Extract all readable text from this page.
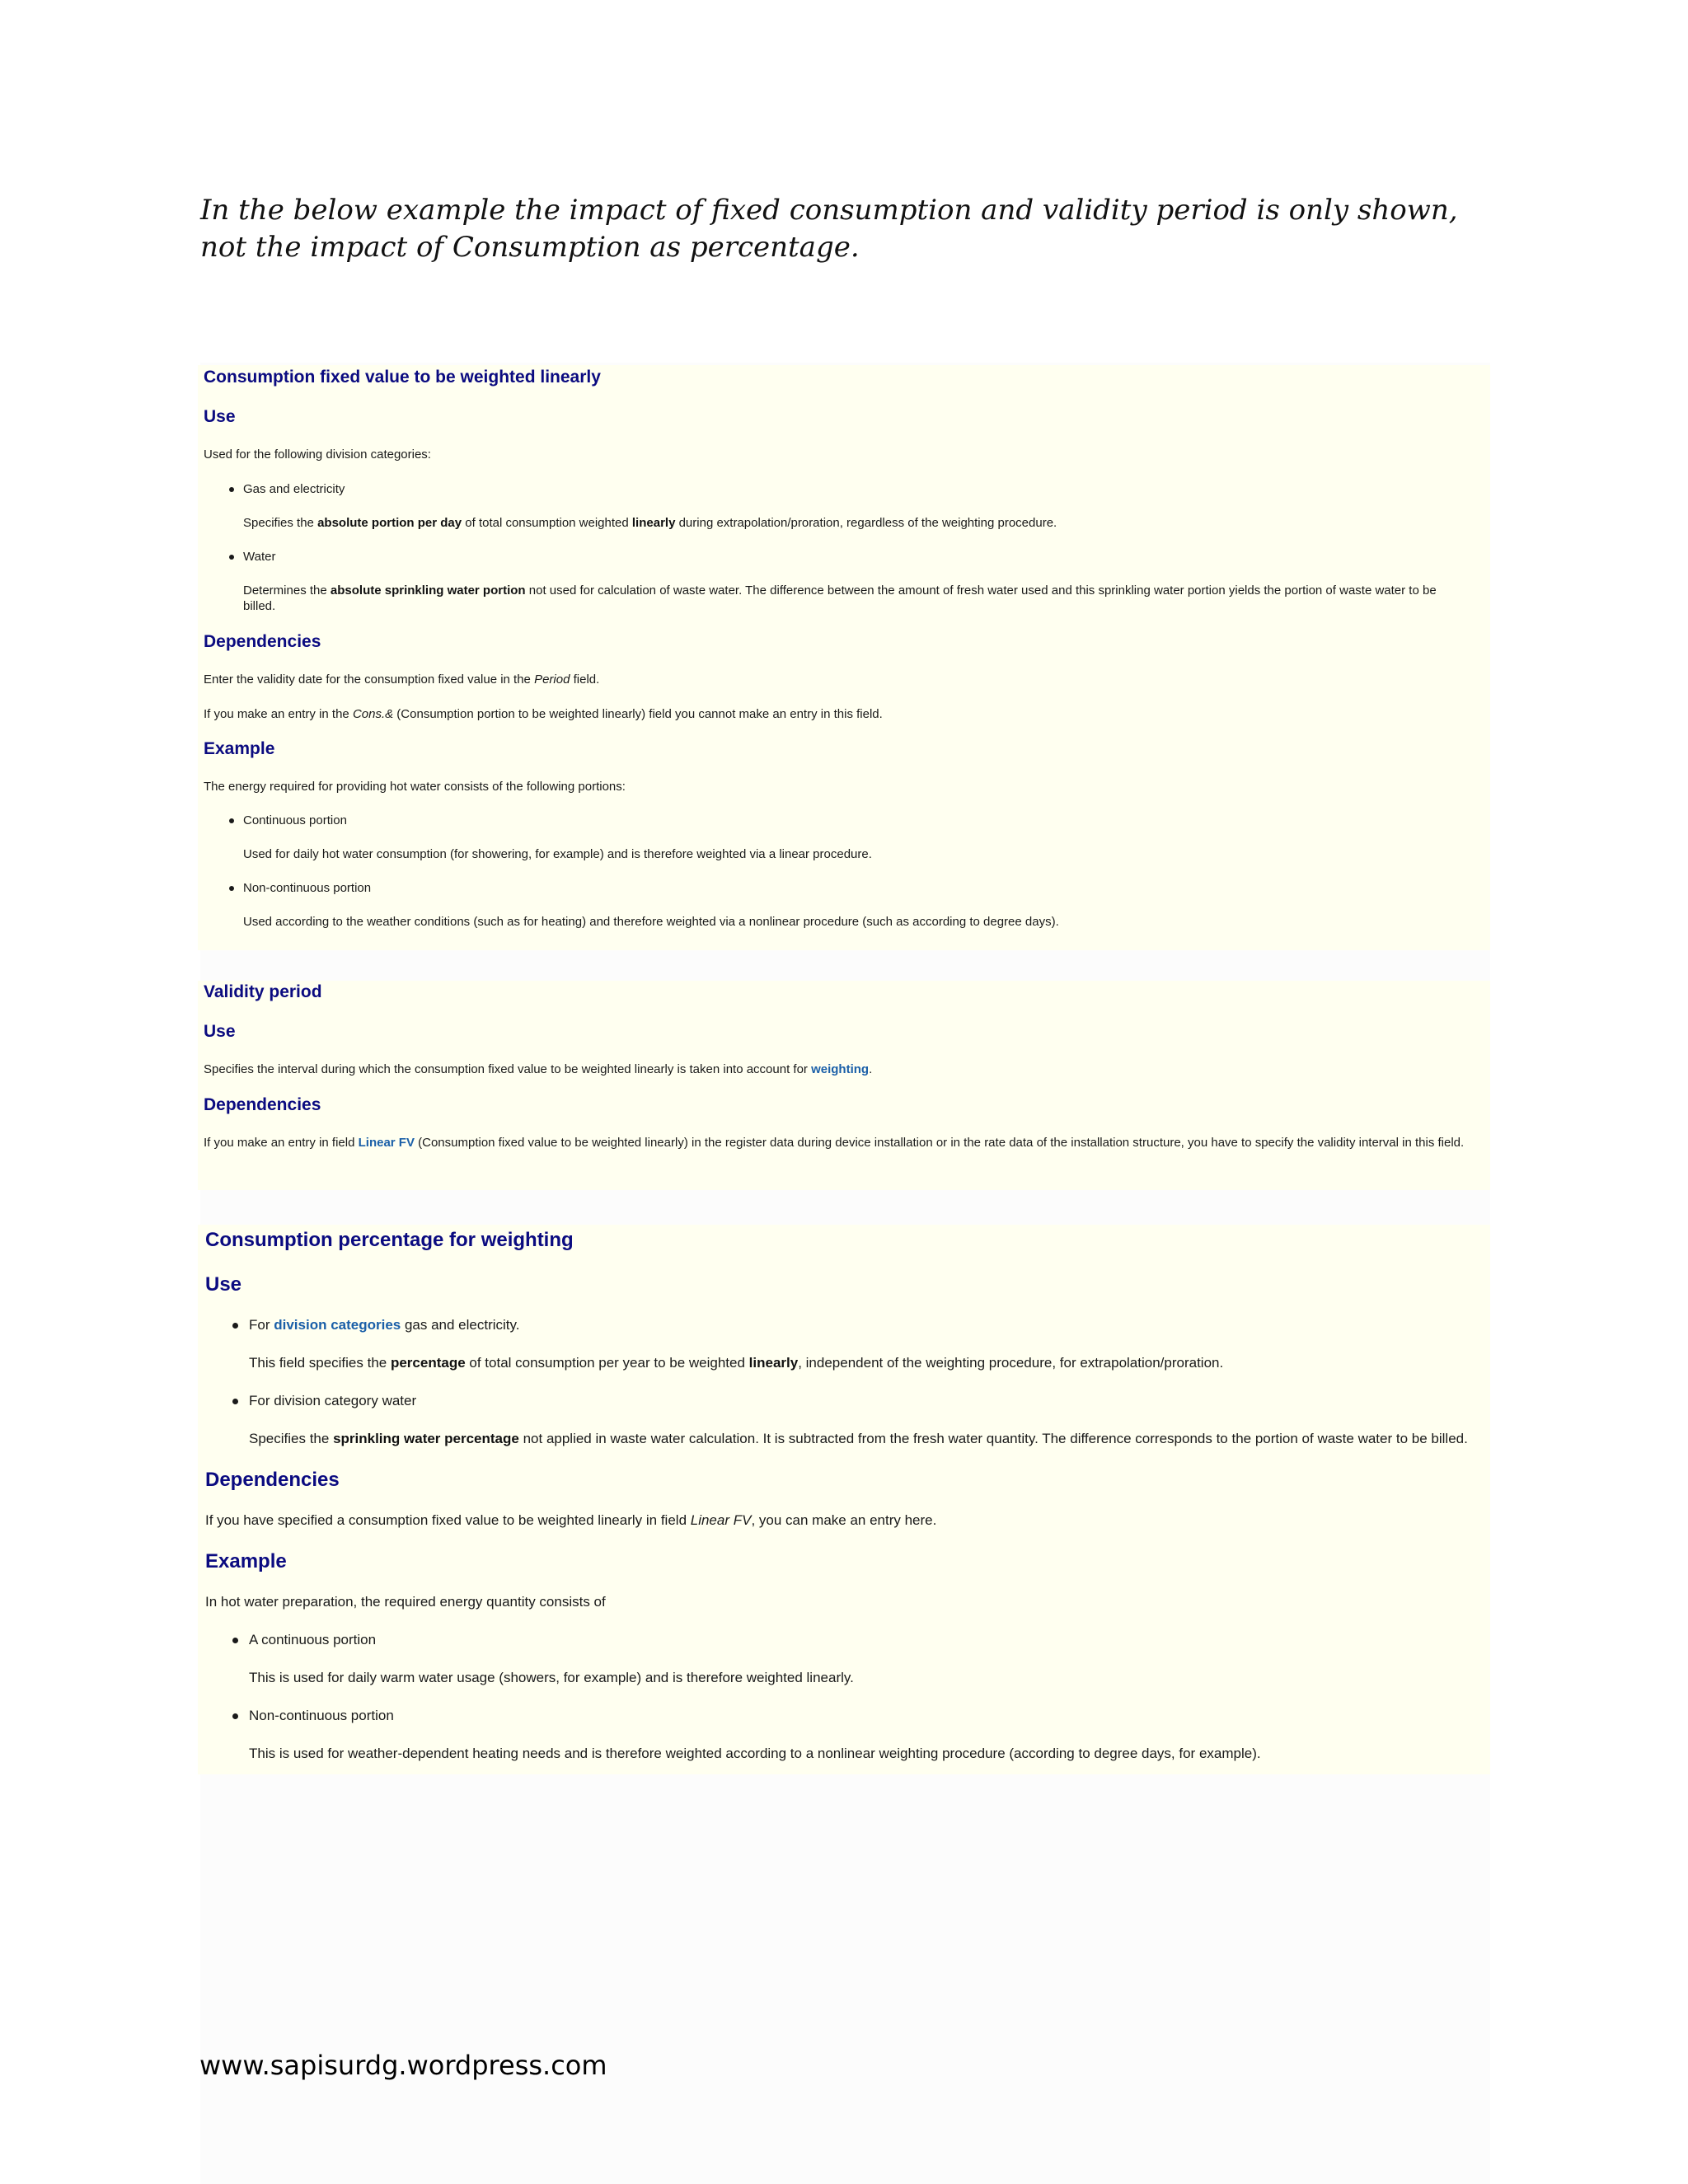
In the below example the impact of fixed consumption and validity period is only shown, not the impact of Consumption as percentage.

Consumption fixed value to be weighted linearly
Use

Used for the following division categories:

Gas and electricity

Specifies the absolute portion per day of total consumption weighted linearly during extrapolation/proration, regardless of the weighting procedure.

Water

Determines the absolute sprinkling water portion not used for calculation of waste water. The difference between the amount of fresh water used and this sprinkling water portion yields the portion of waste water to be billed.

Dependencies

Enter the validity date for the consumption fixed value in the Period field.

If you make an entry in the Cons.& (Consumption portion to be weighted linearly) field you cannot make an entry in this field.

Example

The energy required for providing hot water consists of the following portions:

Continuous portion

Used for daily hot water consumption (for showering, for example) and is therefore weighted via a linear procedure.

Non-continuous portion

Used according to the weather conditions (such as for heating) and therefore weighted via a nonlinear procedure (such as according to degree days).

Validity period
Use

Specifies the interval during which the consumption fixed value to be weighted linearly is taken into account for weighting.

Dependencies

If you make an entry in field Linear FV (Consumption fixed value to be weighted linearly) in the register data during device installation or in the rate data of the installation structure, you have to specify the validity interval in this field.

Consumption percentage for weighting
Use

For division categories gas and electricity.

This field specifies the percentage of total consumption per year to be weighted linearly, independent of the weighting procedure, for extrapolation/proration.

For division category water

Specifies the sprinkling water percentage not applied in waste water calculation. It is subtracted from the fresh water quantity. The difference corresponds to the portion of waste water to be billed.

Dependencies

If you have specified a consumption fixed value to be weighted linearly in field Linear FV, you can make an entry here.

Example

In hot water preparation, the required energy quantity consists of

A continuous portion

This is used for daily warm water usage (showers, for example) and is therefore weighted linearly.

Non-continuous portion

This is used for weather-dependent heating needs and is therefore weighted according to a nonlinear weighting procedure (according to degree days, for example).

www.sapisurdg.wordpress.com
